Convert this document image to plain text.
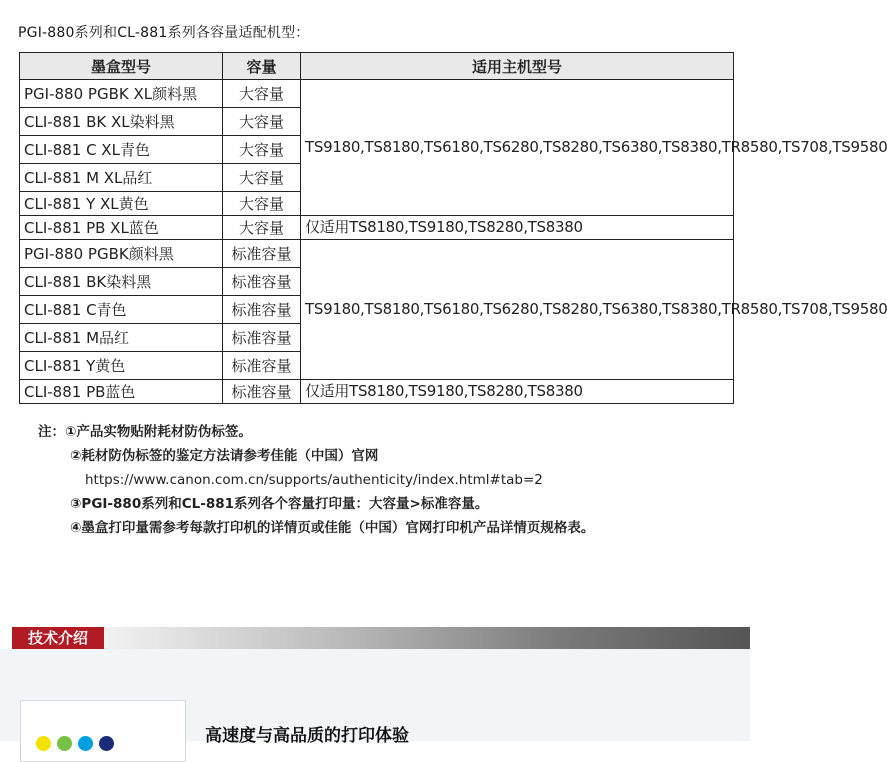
PGI-880系列和CL-881系列各容量适配机型：
墨盒型号	容量	适用主机型号
PGI-880 PGBK XL颜料黑	大容量	TS9180,TS8180,TS6180,TS6280,TS8280,TS6380,TS8380,TR8580,TS708,TS9580
CLI-881 BK XL染料黑	大容量	
CLI-881 C XL青色	大容量	
CLI-881 M XL品红	大容量	
CLI-881 Y XL黄色	大容量	
CLI-881 PB XL蓝色	大容量	仅适用TS8180,TS9180,TS8280,TS8380
PGI-880 PGBK颜料黑	标准容量	TS9180,TS8180,TS6180,TS6280,TS8280,TS6380,TS8380,TR8580,TS708,TS9580
CLI-881 BK染料黑	标准容量	
CLI-881 C青色	标准容量	
CLI-881 M品红	标准容量	
CLI-881 Y黄色	标准容量	
CLI-881 PB蓝色	标准容量	仅适用TS8180,TS9180,TS8280,TS8380
注：①产品实物贴附耗材防伪标签。
②耗材防伪标签的鉴定方法请参考佳能（中国）官网
https://www.canon.com.cn/supports/authenticity/index.html#tab=2
③PGI-880系列和CL-881系列各个容量打印量：大容量>标准容量。
④墨盒打印量需参考每款打印机的详情页或佳能（中国）官网打印机产品详情页规格表。
技术介绍
高速度与高品质的打印体验
